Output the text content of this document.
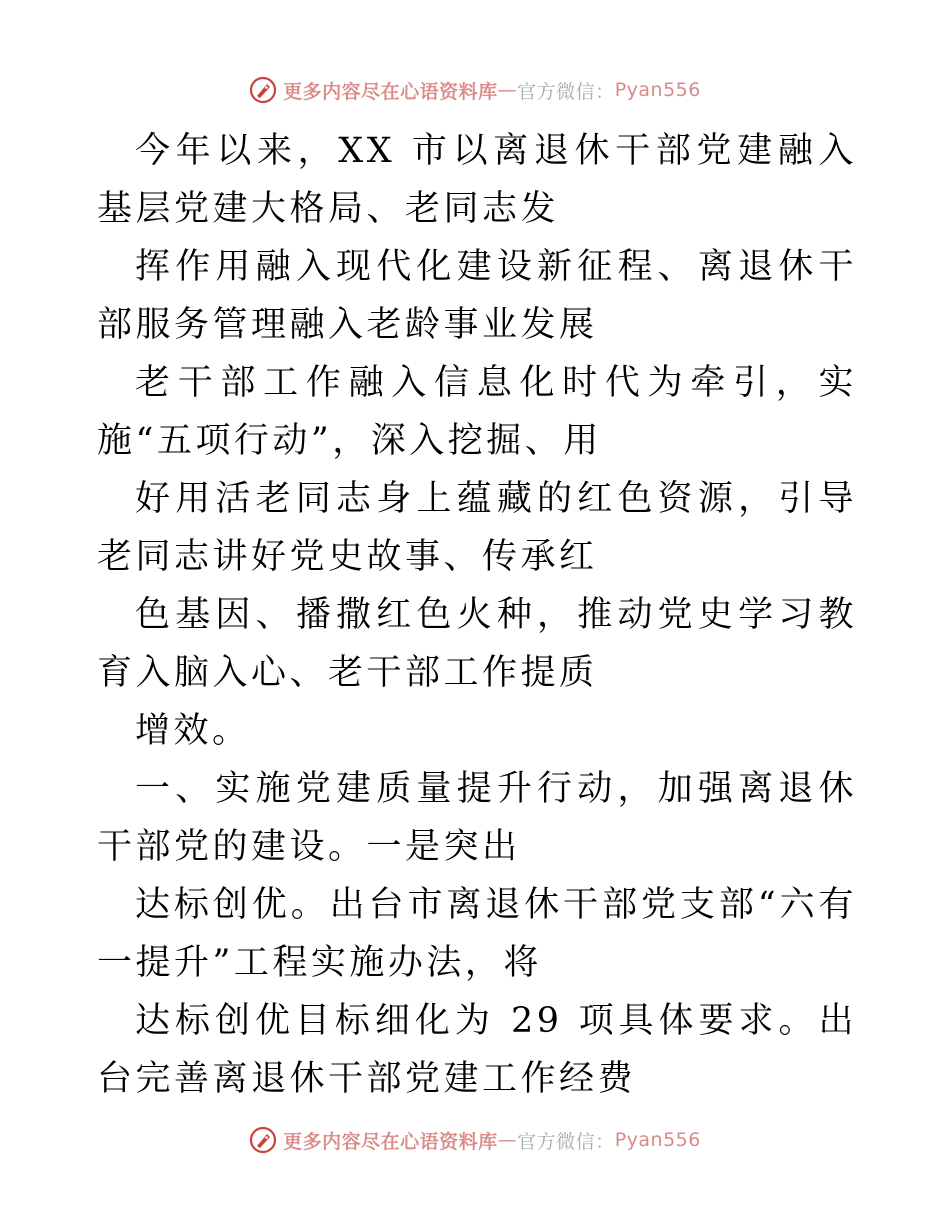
更多内容尽在心语资料库 — 官方微信： Pyan556

今年以来，XX 市以离退休干部党建融入基层党建大格局、老同志发

挥作用融入现代化建设新征程、离退休干部服务管理融入老龄事业发展

老干部工作融入信息化时代为牵引，实施“五项行动”，深入挖掘、用

好用活老同志身上蕴藏的红色资源，引导老同志讲好党史故事、传承红

色基因、播撒红色火种，推动党史学习教育入脑入心、老干部工作提质

增效。

一、实施党建质量提升行动，加强离退休干部党的建设。一是突出

达标创优。出台市离退休干部党支部“六有一提升”工程实施办法，将

达标创优目标细化为 29 项具体要求。出台完善离退休干部党建工作经费

更多内容尽在心语资料库 — 官方微信： Pyan556
